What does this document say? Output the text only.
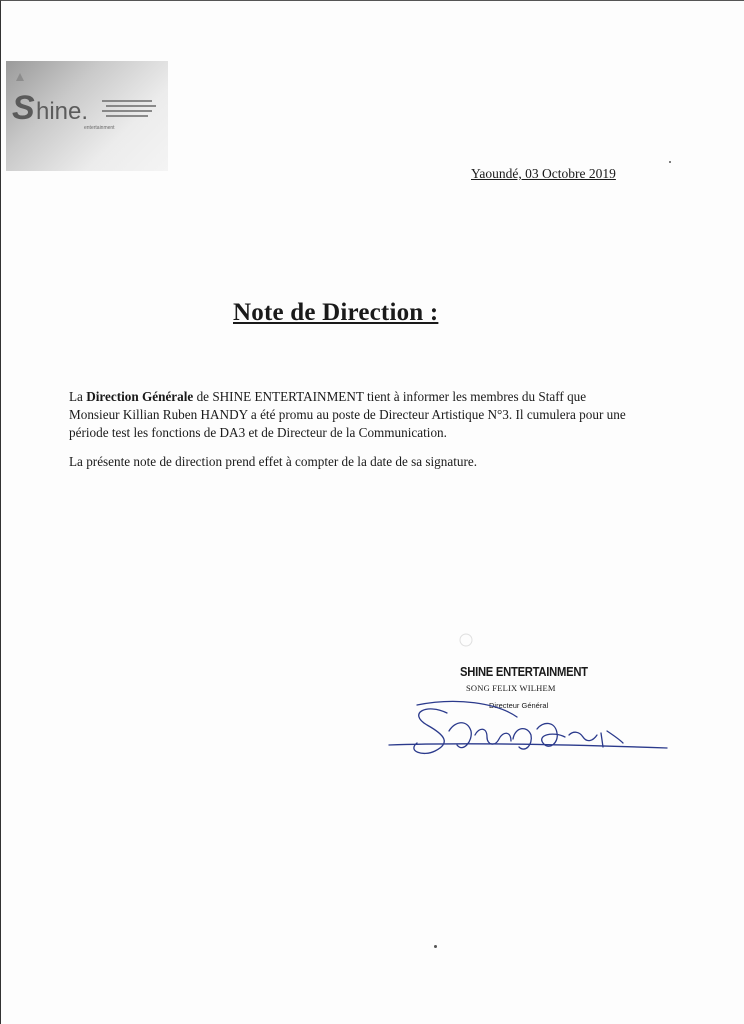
S hine.
entertainment
Yaoundé, 03 Octobre 2019
Note de Direction :

La Direction Générale de SHINE ENTERTAINMENT tient à informer les membres du Staff que Monsieur Killian Ruben HANDY a été promu au poste de Directeur Artistique N°3. Il cumulera pour une période test les fonctions de DA3 et de Directeur de la Communication.

La présente note de direction prend effet à compter de la date de sa signature.

SHINE ENTERTAINMENT
SONG FELIX WILHEM
Directeur Général
